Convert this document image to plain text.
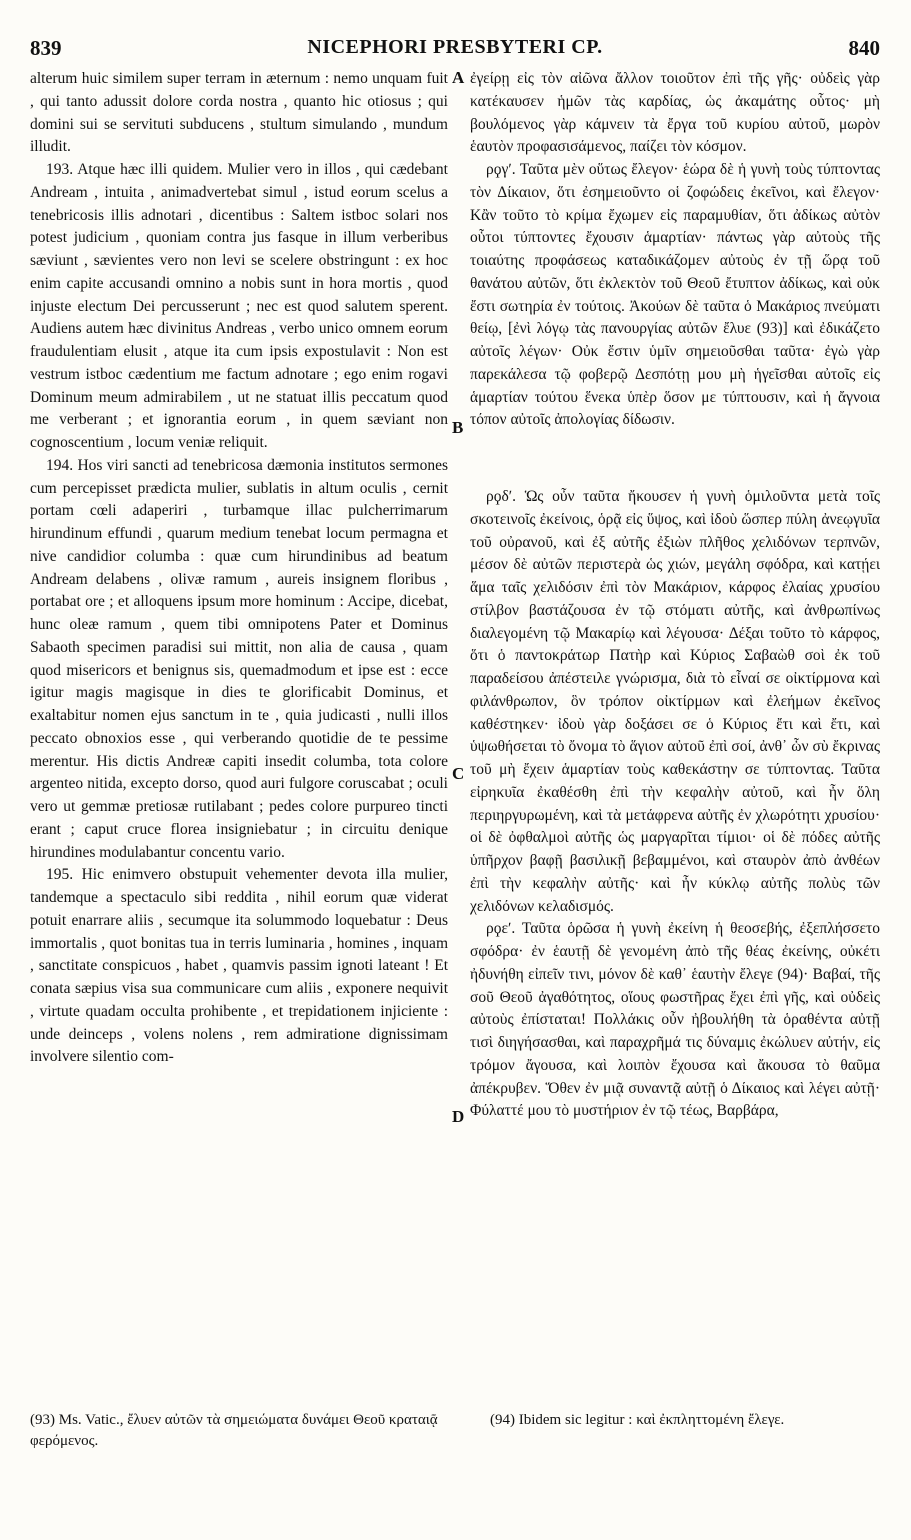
839	NICEPHORI PRESBYTERI CP.	840

alterum huic similem super terram in æternum : nemo unquam fuit , qui tanto adussit dolore corda nostra , quanto hic otiosus ; qui domini sui se servituti subducens , stultum simulando , mundum illudit.

193. Atque hæc illi quidem. Mulier vero in illos , qui cædebant Andream , intuita , animadvertebat simul , istud eorum scelus a tenebricosis illis adnotari , dicentibus : Saltem istboc solari nos potest judicium , quoniam contra jus fasque in illum verberibus sæviunt , sævientes vero non levi se scelere obstringunt : ex hoc enim capite accusandi omnino a nobis sunt in hora mortis , quod injuste electum Dei percusserunt ; nec est quod salutem sperent. Audiens autem hæc divinitus Andreas , verbo unico omnem eorum fraudulentiam elusit , atque ita cum ipsis expostulavit : Non est vestrum istboc cædentium me factum adnotare ; ego enim rogavi Dominum meum admirabilem , ut ne statuat illis peccatum quod me verberant ; et ignorantia eorum , in quem sæviant non cognoscentium , locum veniæ reliquit.

194. Hos viri sancti ad tenebricosa dæmonia institutos sermones cum percepisset prædicta mulier, sublatis in altum oculis , cernit portam cœli adaperiri , turbamque illac pulcherrimarum hirundinum effundi , quarum medium tenebat locum permagna et nive candidior columba : quæ cum hirundinibus ad beatum Andream delabens , olivæ ramum , aureis insignem floribus , portabat ore ; et alloquens ipsum more hominum : Accipe, dicebat, hunc oleæ ramum , quem tibi omnipotens Pater et Dominus Sabaoth specimen paradisi sui mittit, non alia de causa , quam quod misericors et benignus sis, quemadmodum et ipse est : ecce igitur magis magisque in dies te glorificabit Dominus, et exaltabitur nomen ejus sanctum in te , quia judicasti , nulli illos peccato obnoxios esse , qui verberando quotidie de te pessime merentur. His dictis Andreæ capiti insedit columba, tota colore argenteo nitida, excepto dorso, quod auri fulgore coruscabat ; oculi vero ut gemmæ pretiosæ rutilabant ; pedes colore purpureo tincti erant ; caput cruce florea insigniebatur ; in circuitu denique hirundines modulabantur concentu vario.

195. Hic enimvero obstupuit vehementer devota illa mulier, tandemque a spectaculo sibi reddita , nihil eorum quæ viderat potuit enarrare aliis , secumque ita solummodo loquebatur : Deus immortalis , quot bonitas tua in terris luminaria , homines , inquam , sanctitate conspicuos , habet , quamvis passim ignoti lateant ! Et conata sæpius visa sua communicare cum aliis , exponere nequivit , virtute quadam occulta prohibente , et trepidationem injiciente : unde deinceps , volens nolens , rem admiratione dignissimam involvere silentio com-

A
B
C
D

ἐγείρῃ εἰς τὸν αἰῶνα ἄλλον τοιοῦτον ἐπὶ τῆς γῆς· οὐδεὶς γὰρ κατέκαυσεν ἡμῶν τὰς καρδίας, ὡς ἀκαμάτης οὗτος· μὴ βουλόμενος γὰρ κάμνειν τὰ ἔργα τοῦ κυρίου αὐτοῦ, μωρὸν ἑαυτὸν προφασισάμενος, παίζει τὸν κόσμον.

ρϙγʹ. Ταῦτα μὲν οὕτως ἔλεγον· ἑώρα δὲ ἡ γυνὴ τοὺς τύπτοντας τὸν Δίκαιον, ὅτι ἐσημειοῦντο οἱ ζοφώδεις ἐκεῖνοι, καὶ ἔλεγον· Κἂν τοῦτο τὸ κρίμα ἔχωμεν εἰς παραμυθίαν, ὅτι ἀδίκως αὐτὸν οὗτοι τύπτοντες ἔχουσιν ἁμαρτίαν· πάντως γὰρ αὐτοὺς τῆς τοιαύτης προφάσεως καταδικάζομεν αὐτοὺς ἐν τῇ ὥρᾳ τοῦ θανάτου αὐτῶν, ὅτι ἐκλεκτὸν τοῦ Θεοῦ ἔτυπτον ἀδίκως, καὶ οὐκ ἔστι σωτηρία ἐν τούτοις. Ἀκούων δὲ ταῦτα ὁ Μακάριος πνεύματι θείῳ, [ἐνὶ λόγῳ τὰς πανουργίας αὐτῶν ἔλυε (93)] καὶ ἐδικάζετο αὐτοῖς λέγων· Οὐκ ἔστιν ὑμῖν σημειοῦσθαι ταῦτα· ἐγὼ γὰρ παρεκάλεσα τῷ φοβερῷ Δεσπότῃ μου μὴ ἡγεῖσθαι αὐτοῖς εἰς ἁμαρτίαν τούτου ἕνεκα ὑπὲρ ὅσον με τύπτουσιν, καὶ ἡ ἄγνοια τόπον αὐτοῖς ἀπολογίας δίδωσιν.

ρϙδʹ. Ὡς οὖν ταῦτα ἤκουσεν ἡ γυνὴ ὁμιλοῦντα μετὰ τοῖς σκοτεινοῖς ἐκείνοις, ὁρᾷ εἰς ὕψος, καὶ ἰδοὺ ὥσπερ πύλη ἀνεῳγυῖα τοῦ οὐρανοῦ, καὶ ἐξ αὐτῆς ἐξιὼν πλῆθος χελιδόνων τερπνῶν, μέσον δὲ αὐτῶν περιστερὰ ὡς χιών, μεγάλη σφόδρα, καὶ κατῄει ἅμα ταῖς χελιδόσιν ἐπὶ τὸν Μακάριον, κάρφος ἐλαίας χρυσίου στίλβον βαστάζουσα ἐν τῷ στόματι αὐτῆς, καὶ ἀνθρωπίνως διαλεγομένη τῷ Μακαρίῳ καὶ λέγουσα· Δέξαι τοῦτο τὸ κάρφος, ὅτι ὁ παντοκράτωρ Πατὴρ καὶ Κύριος Σαβαὼθ σοὶ ἐκ τοῦ παραδείσου ἀπέστειλε γνώρισμα, διὰ τὸ εἶναί σε οἰκτίρμονα καὶ φιλάνθρωπον, ὃν τρόπον οἰκτίρμων καὶ ἐλεήμων ἐκεῖνος καθέστηκεν· ἰδοὺ γὰρ δοξάσει σε ὁ Κύριος ἔτι καὶ ἔτι, καὶ ὑψωθήσεται τὸ ὄνομα τὸ ἅγιον αὐτοῦ ἐπὶ σοί, ἀνθ᾽ ὧν σὺ ἔκρινας τοῦ μὴ ἔχειν ἁμαρτίαν τοὺς καθεκάστην σε τύπτοντας. Ταῦτα εἰρηκυῖα ἐκαθέσθη ἐπὶ τὴν κεφαλὴν αὐτοῦ, καὶ ἦν ὅλη περιηργυρωμένη, καὶ τὰ μετάφρενα αὐτῆς ἐν χλωρότητι χρυσίου· οἱ δὲ ὀφθαλμοὶ αὐτῆς ὡς μαργαρῖται τίμιοι· οἱ δὲ πόδες αὐτῆς ὑπῆρχον βαφῇ βασιλικῇ βεβαμμένοι, καὶ σταυρὸν ἀπὸ ἀνθέων ἐπὶ τὴν κεφαλὴν αὐτῆς· καὶ ἦν κύκλῳ αὐτῆς πολὺς τῶν χελιδόνων κελαδισμός.

ρϙεʹ. Ταῦτα ὁρῶσα ἡ γυνὴ ἐκείνη ἡ θεοσεβής, ἐξεπλήσσετο σφόδρα· ἐν ἑαυτῇ δὲ γενομένη ἀπὸ τῆς θέας ἐκείνης, οὐκέτι ἠδυνήθη εἰπεῖν τινι, μόνον δὲ καθ᾽ ἑαυτὴν ἔλεγε (94)· Βαβαί, τῆς σοῦ Θεοῦ ἀγαθότητος, οἵους φωστῆρας ἔχει ἐπὶ γῆς, καὶ οὐδεὶς αὐτοὺς ἐπίσταται! Πολλάκις οὖν ἠβουλήθη τὰ ὁραθέντα αὐτῇ τισὶ διηγήσασθαι, καὶ παραχρῆμά τις δύναμις ἐκώλυεν αὐτήν, εἰς τρόμον ἄγουσα, καὶ λοιπὸν ἔχουσα καὶ ἄκουσα τὸ θαῦμα ἀπέκρυβεν. Ὅθεν ἐν μιᾷ συναντᾷ αὐτῇ ὁ Δίκαιος καὶ λέγει αὐτῇ· Φύλαττέ μου τὸ μυστήριον ἐν τῷ τέως, Βαρβάρα,

(93) Ms. Vatic., ἔλυεν αὐτῶν τὰ σημειώματα δυνάμει Θεοῦ κραταιᾷ φερόμενος.
(94) Ibidem sic legitur : καὶ ἐκπληττομένη ἔλεγε.
